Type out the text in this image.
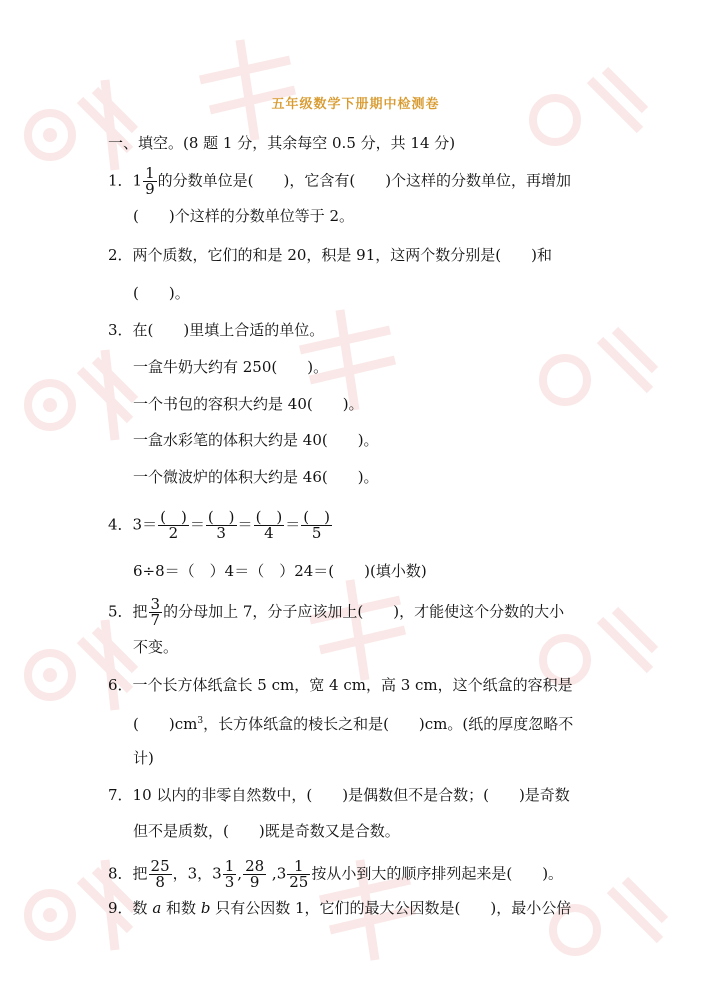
五年级数学下册期中检测卷
一、填空。(8 题 1 分，其余每空 0.5 分，共 14 分)
1．$1 \frac{1}{9}$ 的分数单位是(　　)，它含有(　　)个这样的分数单位，再增加
(　　)个这样的分数单位等于 2。
2．两个质数，它们的和是 20，积是 91，这两个数分别是(　　)和
(　　)。
3．在(　　)里填上合适的单位。
一盒牛奶大约有 250(　　)。
一个书包的容积大约是 40(　　)。
一盒水彩笔的体积大约是 40(　　)。
一个微波炉的体积大约是 46(　　)。
4．$3= \frac{( )}{2} = \frac{( )}{3} = \frac{( )}{4} = \frac{( )}{5}$
6÷8＝（　）4＝（　）24＝(　　)(填小数)
5．把 $\frac{3}{7}$ 的分母加上 7，分子应该加上(　　)，才能使这个分数的大小
不变。
6．一个长方体纸盒长 5 cm，宽 4 cm，高 3 cm，这个纸盒的容积是
(　　)$cm^3$，长方体纸盒的棱长之和是(　　)cm。(纸的厚度忽略不
计)
7．10 以内的非零自然数中，(　　)是偶数但不是合数；(　　)是奇数
但不是质数，(　　)既是奇数又是合数。
8．把 $\frac{25}{8}$ ，3，$3 \frac{1}{3}$ , $\frac{28}{9} ,3 \frac{1}{25}$ 按从小到大的顺序排列起来是(　　)。
9．数 a 和数 b 只有公因数 1，它们的最大公因数是(　　)，最小公倍
